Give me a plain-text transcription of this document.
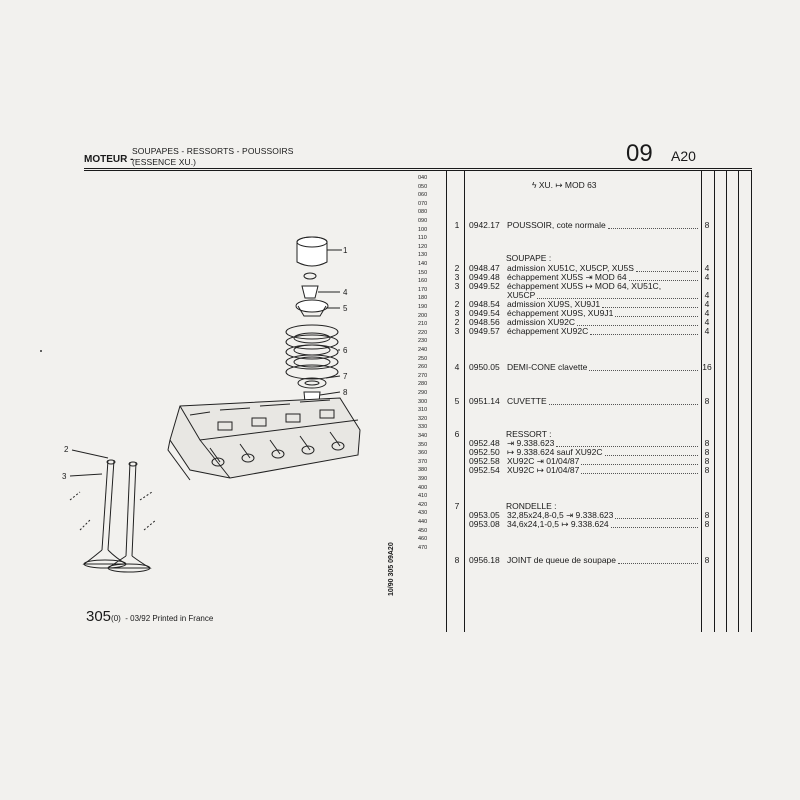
MOTEUR -
SOUPAPES - RESSORTS - POUSSOIRS
(ESSENCE XU.)	09 A20
040
050
060
070
080
090
100
110
120
130
140
150
160
170
180
190
200
210
220
230
240
250
260
270
280
290
300
310
320
330
340
350
360
370
380
390
400
410
420
430
440
450
460
470
ϟ XU. ↦ MOD 63
1	0942.17 POUSSOIR, cote normale	8
SOUPAPE :
2	0948.47 admission XU51C, XU5CP, XU5S	4
3	0949.48 échappement XU5S ⇥ MOD 64	4
3	0949.52 échappement XU5S ↦ MOD 64, XU51C,
XU5CP	4
2	0948.54 admission XU9S, XU9J1	4
3	0949.54 échappement XU9S, XU9J1	4
2	0948.56 admission XU92C	4
3	0949.57 échappement XU92C	4
4	0950.05 DEMI-CONE clavette	16
5	0951.14 CUVETTE	8
6	RESSORT :
0952.48 ⇥ 9.338.623	8
0952.50 ↦ 9.338.624 sauf XU92C	8
0952.58 XU92C ⇥ 01/04/87	8
0952.54 XU92C ↦ 01/04/87	8
7	RONDELLE :
0953.05 32,85x24,8-0,5 ⇥ 9.338.623	8
0953.08 34,6x24,1-0,5 ↦ 9.338.624	8
8	0956.18 JOINT de queue de soupape	8
1
4
5
6
7
8
2
3
10/90 305 09A20
305(0) - 03/92 Printed in France
